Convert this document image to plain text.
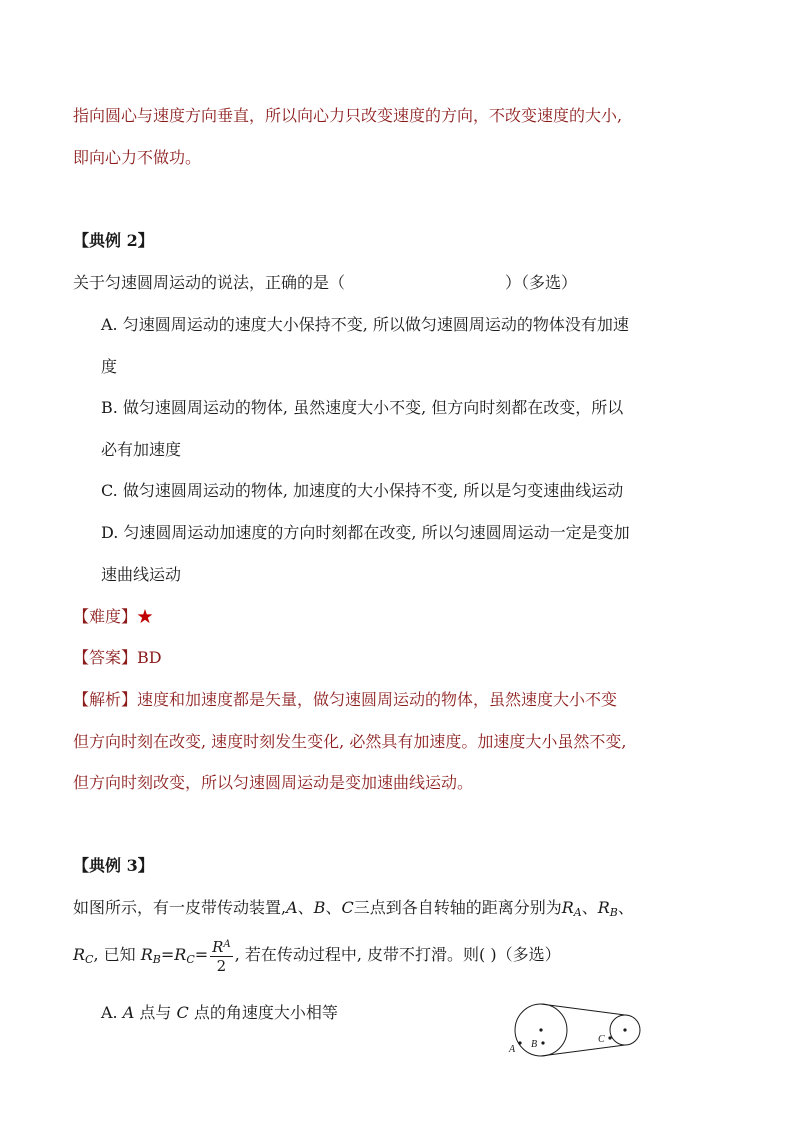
指向圆心与速度方向垂直，所以向心力只改变速度的方向，不改变速度的大小,
即向心力不做功。
【典例 2】
关于匀速圆周运动的说法，正确的是（	）（多选）
A. 匀速圆周运动的速度大小保持不变, 所以做匀速圆周运动的物体没有加速
度
B. 做匀速圆周运动的物体, 虽然速度大小不变, 但方向时刻都在改变，所以
必有加速度
C. 做匀速圆周运动的物体, 加速度的大小保持不变, 所以是匀变速曲线运动
D. 匀速圆周运动加速度的方向时刻都在改变, 所以匀速圆周运动一定是变加
速曲线运动
【难度】★
【答案】BD
【解析】速度和加速度都是矢量，做匀速圆周运动的物体，虽然速度大小不变
但方向时刻在改变, 速度时刻发生变化, 必然具有加速度。加速度大小虽然不变,
但方向时刻改变，所以匀速圆周运动是变加速曲线运动。
【典例 3】
如图所示，有一皮带传动装置,A、B、C三点到各自转轴的距离分别为$R_A$、$R_B$、
$R_C$, 已知 $R_B=R_C= \frac{R^A}{2}$ , 若在传动过程中, 皮带不打滑。则( )（多选）
A. A 点与 C 点的角速度大小相等
A B	C
